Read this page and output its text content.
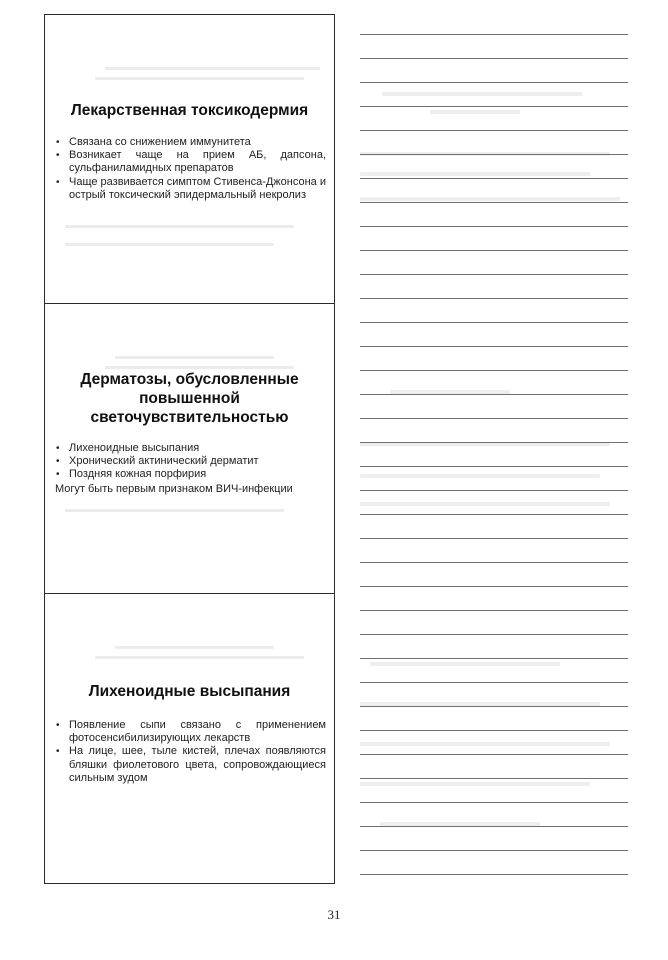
Лекарственная токсикодермия
• Связана со снижением иммунитета
• Возникает чаще на прием АБ, дапсона, сульфаниламидных препаратов
• Чаще развивается симптом Стивенса-Джонсона и острый токсический эпидермальный некролиз
Дерматозы, обусловленные повышенной светочувствительностью
• Лихеноидные высыпания
• Хронический актинический дерматит
• Поздняя кожная порфирия
Могут быть первым признаком ВИЧ-инфекции
Лихеноидные высыпания
• Появление сыпи связано с применением фотосенсибилизирующих лекарств
• На лице, шее, тыле кистей, плечах появляются бляшки фиолетового цвета, сопровождающиеся сильным зудом
31
